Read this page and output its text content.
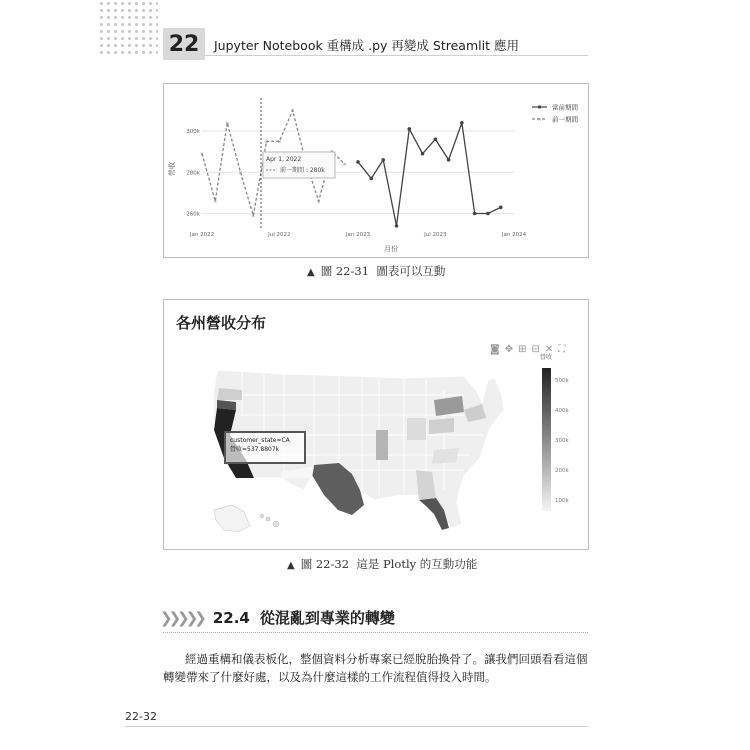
22	Jupyter Notebook 重構成 .py 再變成 Streamlit 應用
260k
280k
300k
Jan 2022	Jul 2022	Jan 2023	Jul 2023	Jan 2024
✕
✕
✕
✕
✕
✕ ✕
✕
✕
✕
Apr 1, 2022
前一期間 : 280k
當前期間
✕ 前一期間
月份
營收
▲ 圖 22-31 圖表可以互動
各州營收分布
◙✥⊞⊟✕⛶
營收
500k
400k
300k
200k
100k
customer_state=CA
營收=537.8807k
▲ 圖 22-32 這是 Plotly 的互動功能
❯❯❯❯❯ 22.4 從混亂到專業的轉變
經過重構和儀表板化，整個資料分析專案已經脫胎換骨了。讓我們回頭看看這個轉變帶來了什麼好處，以及為什麼這樣的工作流程值得投入時間。
22-32
